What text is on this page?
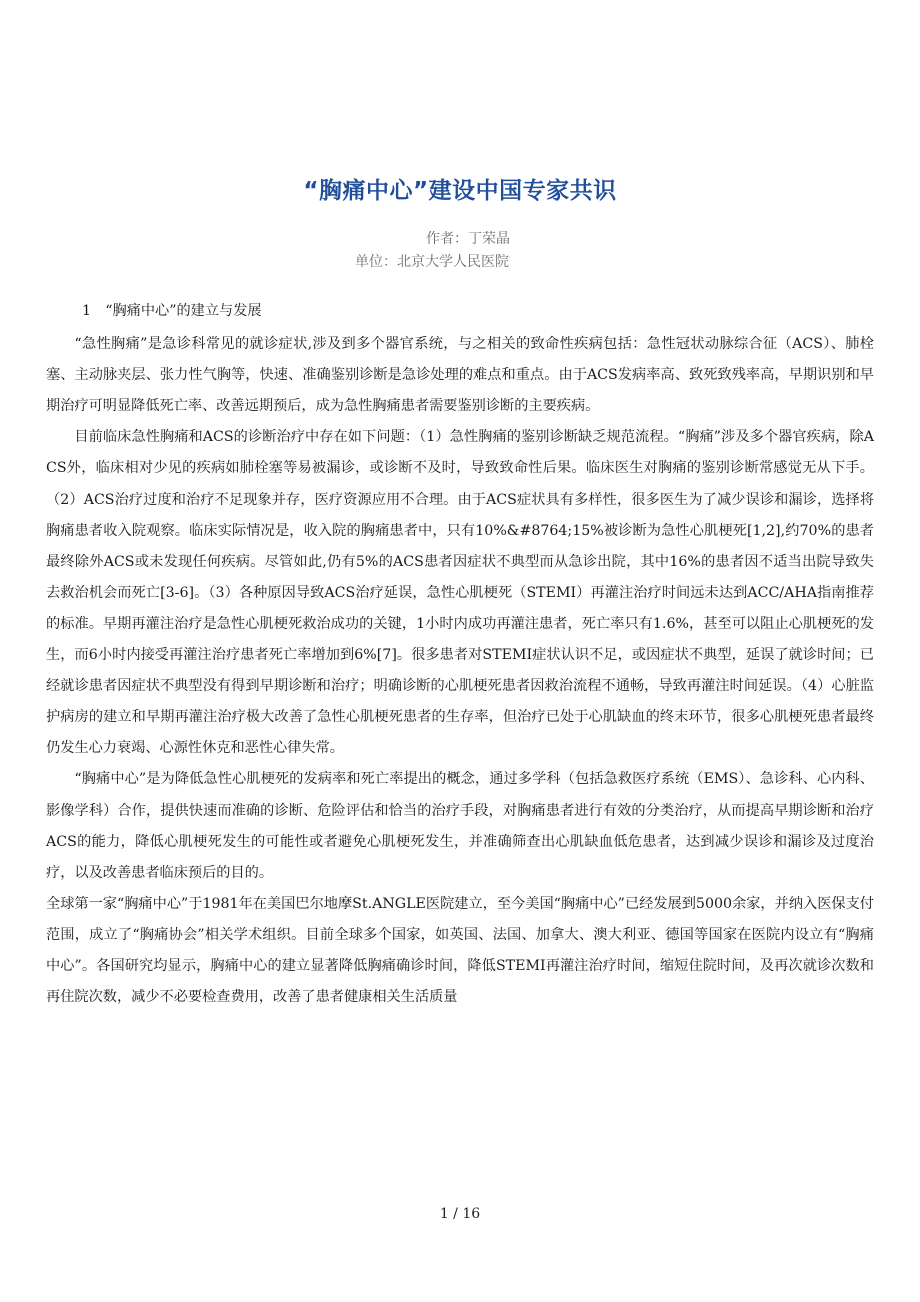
“胸痛中心”建设中国专家共识
作者：丁荣晶
单位：北京大学人民医院

1　“胸痛中心”的建立与发展

“急性胸痛”是急诊科常见的就诊症状,涉及到多个器官系统，与之相关的致命性疾病包括：急性冠状动脉综合征（ACS）、肺栓塞、主动脉夹层、张力性气胸等，快速、准确鉴别诊断是急诊处理的难点和重点。由于ACS发病率高、致死致残率高，早期识别和早期治疗可明显降低死亡率、改善远期预后，成为急性胸痛患者需要鉴别诊断的主要疾病。

目前临床急性胸痛和ACS的诊断治疗中存在如下问题：（1）急性胸痛的鉴别诊断缺乏规范流程。“胸痛”涉及多个器官疾病，除ACS外，临床相对少见的疾病如肺栓塞等易被漏诊，或诊断不及时，导致致命性后果。临床医生对胸痛的鉴别诊断常感觉无从下手。（2）ACS治疗过度和治疗不足现象并存，医疗资源应用不合理。由于ACS症状具有多样性，很多医生为了减少误诊和漏诊，选择将胸痛患者收入院观察。临床实际情况是，收入院的胸痛患者中，只有10%&#8764;15%被诊断为急性心肌梗死[1,2],约70%的患者最终除外ACS或未发现任何疾病。尽管如此,仍有5%的ACS患者因症状不典型而从急诊出院，其中16%的患者因不适当出院导致失去救治机会而死亡[3-6]。（3）各种原因导致ACS治疗延误，急性心肌梗死（STEMI）再灌注治疗时间远未达到ACC/AHA指南推荐的标准。早期再灌注治疗是急性心肌梗死救治成功的关键，1小时内成功再灌注患者，死亡率只有1.6%，甚至可以阻止心肌梗死的发生，而6小时内接受再灌注治疗患者死亡率增加到6%[7]。很多患者对STEMI症状认识不足，或因症状不典型，延误了就诊时间；已经就诊患者因症状不典型没有得到早期诊断和治疗；明确诊断的心肌梗死患者因救治流程不通畅，导致再灌注时间延误。（4）心脏监护病房的建立和早期再灌注治疗极大改善了急性心肌梗死患者的生存率，但治疗已处于心肌缺血的终末环节，很多心肌梗死患者最终仍发生心力衰竭、心源性休克和恶性心律失常。

“胸痛中心”是为降低急性心肌梗死的发病率和死亡率提出的概念，通过多学科（包括急救医疗系统（EMS）、急诊科、心内科、影像学科）合作，提供快速而准确的诊断、危险评估和恰当的治疗手段，对胸痛患者进行有效的分类治疗，从而提高早期诊断和治疗ACS的能力，降低心肌梗死发生的可能性或者避免心肌梗死发生，并准确筛查出心肌缺血低危患者，达到减少误诊和漏诊及过度治疗，以及改善患者临床预后的目的。

全球第一家“胸痛中心”于1981年在美国巴尔地摩St.ANGLE医院建立，至今美国“胸痛中心”已经发展到5000余家，并纳入医保支付范围，成立了“胸痛协会”相关学术组织。目前全球多个国家，如英国、法国、加拿大、澳大利亚、德国等国家在医院内设立有“胸痛中心”。各国研究均显示，胸痛中心的建立显著降低胸痛确诊时间，降低STEMI再灌注治疗时间，缩短住院时间，及再次就诊次数和再住院次数，减少不必要检查费用，改善了患者健康相关生活质量

1 / 16
